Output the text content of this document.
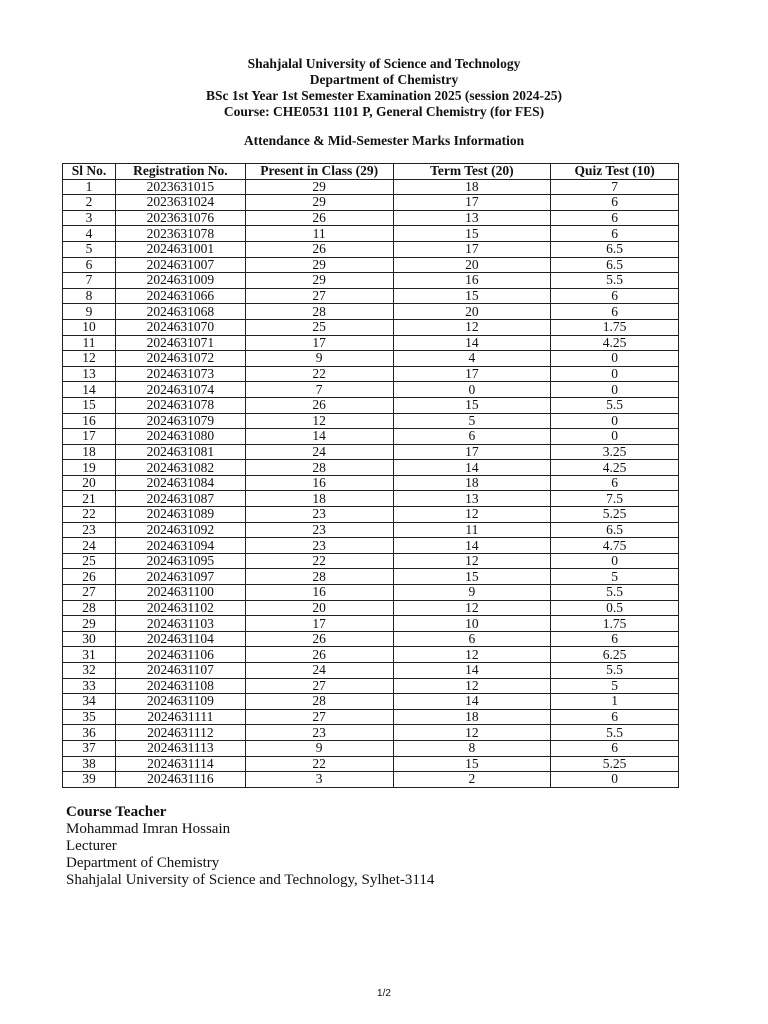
Shahjalal University of Science and Technology
Department of Chemistry
BSc 1st Year 1st Semester Examination 2025 (session 2024-25)
Course: CHE0531 1101 P, General Chemistry (for FES)
Attendance & Mid-Semester Marks Information
Sl No.	Registration No.	Present in Class (29)	Term Test (20)	Quiz Test (10)
1	2023631015	29	18	7
2	2023631024	29	17	6
3	2023631076	26	13	6
4	2023631078	11	15	6
5	2024631001	26	17	6.5
6	2024631007	29	20	6.5
7	2024631009	29	16	5.5
8	2024631066	27	15	6
9	2024631068	28	20	6
10	2024631070	25	12	1.75
11	2024631071	17	14	4.25
12	2024631072	9	4	0
13	2024631073	22	17	0
14	2024631074	7	0	0
15	2024631078	26	15	5.5
16	2024631079	12	5	0
17	2024631080	14	6	0
18	2024631081	24	17	3.25
19	2024631082	28	14	4.25
20	2024631084	16	18	6
21	2024631087	18	13	7.5
22	2024631089	23	12	5.25
23	2024631092	23	11	6.5
24	2024631094	23	14	4.75
25	2024631095	22	12	0
26	2024631097	28	15	5
27	2024631100	16	9	5.5
28	2024631102	20	12	0.5
29	2024631103	17	10	1.75
30	2024631104	26	6	6
31	2024631106	26	12	6.25
32	2024631107	24	14	5.5
33	2024631108	27	12	5
34	2024631109	28	14	1
35	2024631111	27	18	6
36	2024631112	23	12	5.5
37	2024631113	9	8	6
38	2024631114	22	15	5.25
39	2024631116	3	2	0
Course Teacher
Mohammad Imran Hossain
Lecturer
Department of Chemistry
Shahjalal University of Science and Technology, Sylhet-3114
1/2
